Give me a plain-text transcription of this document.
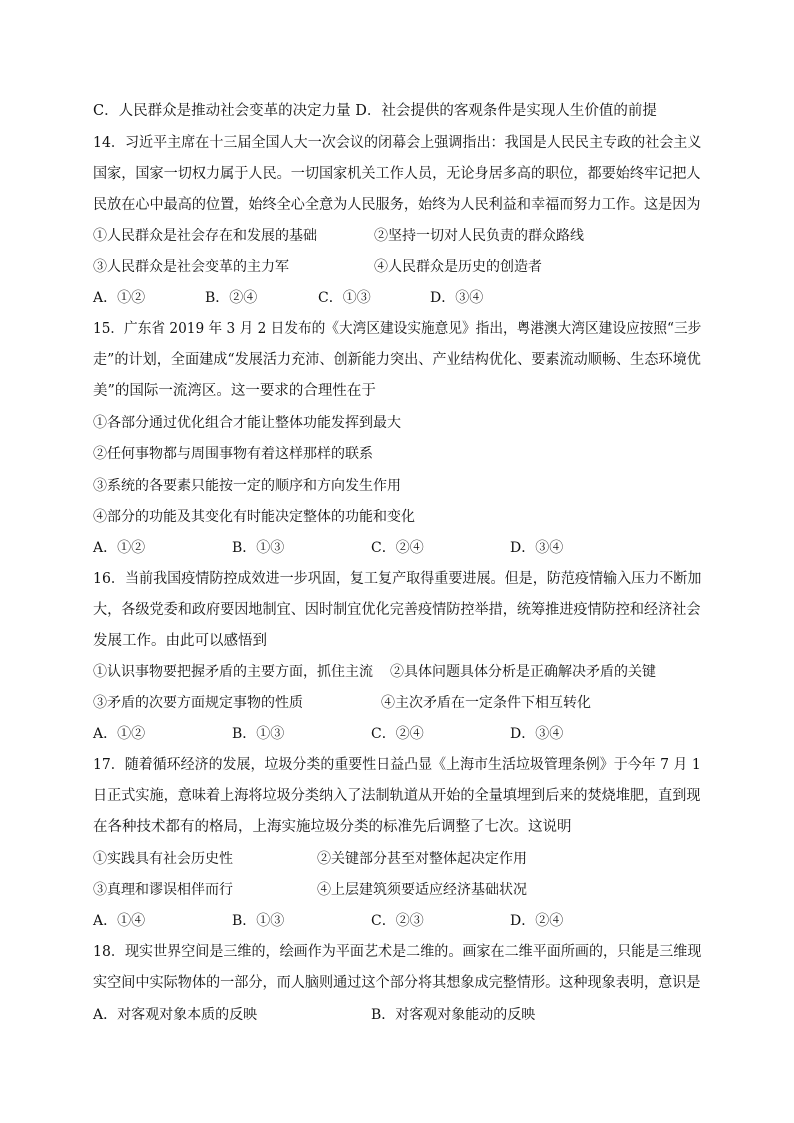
C．人民群众是推动社会变革的决定力量 D．社会提供的客观条件是实现人生价值的前提
14．习近平主席在十三届全国人大一次会议的闭幕会上强调指出：我国是人民民主专政的社会主义
国家，国家一切权力属于人民。一切国家机关工作人员，无论身居多高的职位，都要始终牢记把人
民放在心中最高的位置，始终全心全意为人民服务，始终为人民利益和幸福而努力工作。这是因为
①人民群众是社会存在和发展的基础	②坚持一切对人民负责的群众路线
③人民群众是社会变革的主力军	④人民群众是历史的创造者
A．①②	B．②④	C．①③	D．③④
15．广东省 2019 年 3 月 2 日发布的《大湾区建设实施意见》指出，粤港澳大湾区建设应按照“三步
走”的计划，全面建成“发展活力充沛、创新能力突出、产业结构优化、要素流动顺畅、生态环境优
美”的国际一流湾区。这一要求的合理性在于
①各部分通过优化组合才能让整体功能发挥到最大
②任何事物都与周围事物有着这样那样的联系
③系统的各要素只能按一定的顺序和方向发生作用
④部分的功能及其变化有时能决定整体的功能和变化
A．①②	B．①③	C．②④	D．③④
16．当前我国疫情防控成效进一步巩固，复工复产取得重要进展。但是，防范疫情输入压力不断加
大，各级党委和政府要因地制宜、因时制宜优化完善疫情防控举措，统筹推进疫情防控和经济社会
发展工作。由此可以感悟到
①认识事物要把握矛盾的主要方面，抓住主流 ②具体问题具体分析是正确解决矛盾的关键
③矛盾的次要方面规定事物的性质	④主次矛盾在一定条件下相互转化
A．①②	B．①③	C．②④	D．③④
17．随着循环经济的发展，垃圾分类的重要性日益凸显《上海市生活垃圾管理条例》于今年 7 月 1
日正式实施，意味着上海将垃圾分类纳入了法制轨道从开始的全量填埋到后来的焚烧堆肥，直到现
在各种技术都有的格局，上海实施垃圾分类的标准先后调整了七次。这说明
①实践具有社会历史性	②关键部分甚至对整体起决定作用
③真理和谬误相伴而行	④上层建筑须要适应经济基础状况
A．①④	B．①③	C．②③	D．②④
18．现实世界空间是三维的，绘画作为平面艺术是二维的。画家在二维平面所画的，只能是三维现
实空间中实际物体的一部分，而人脑则通过这个部分将其想象成完整情形。这种现象表明，意识是
A．对客观对象本质的反映	B．对客观对象能动的反映
